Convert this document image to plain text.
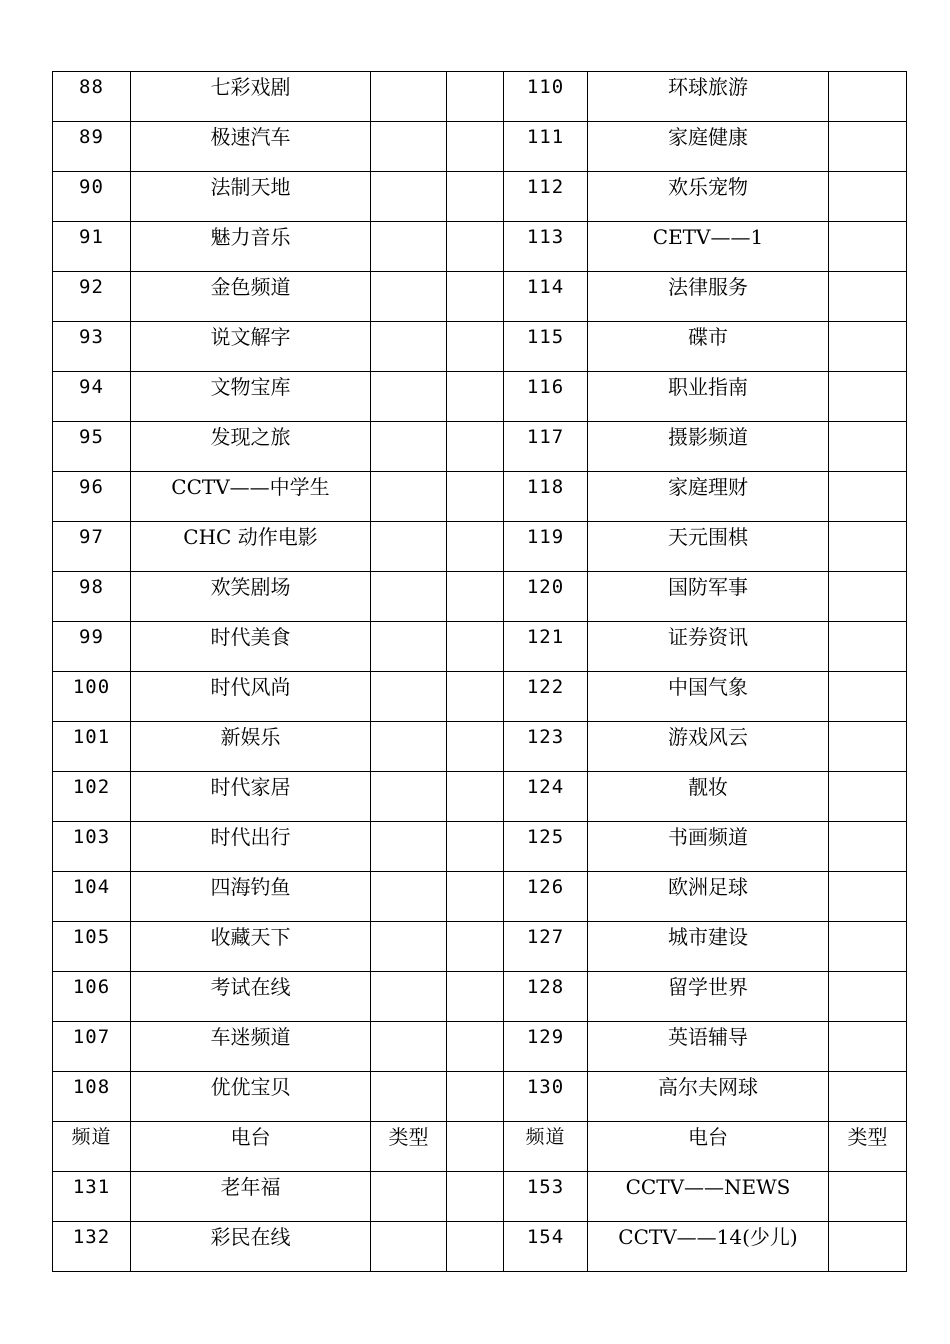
88	七彩戏剧			110	环球旅游	
89	极速汽车			111	家庭健康	
90	法制天地			112	欢乐宠物	
91	魅力音乐			113	CETV——1	
92	金色频道			114	法律服务	
93	说文解字			115	碟市	
94	文物宝库			116	职业指南	
95	发现之旅			117	摄影频道	
96	CCTV——中学生			118	家庭理财	
97	CHC 动作电影			119	天元围棋	
98	欢笑剧场			120	国防军事	
99	时代美食			121	证券资讯	
100	时代风尚			122	中国气象	
101	新娱乐			123	游戏风云	
102	时代家居			124	靓妆	
103	时代出行			125	书画频道	
104	四海钓鱼			126	欧洲足球	
105	收藏天下			127	城市建设	
106	考试在线			128	留学世界	
107	车迷频道			129	英语辅导	
108	优优宝贝			130	高尔夫网球	
频道	电台	类型		频道	电台	类型
131	老年福			153	CCTV——NEWS	
132	彩民在线			154	CCTV——14(少儿)	
